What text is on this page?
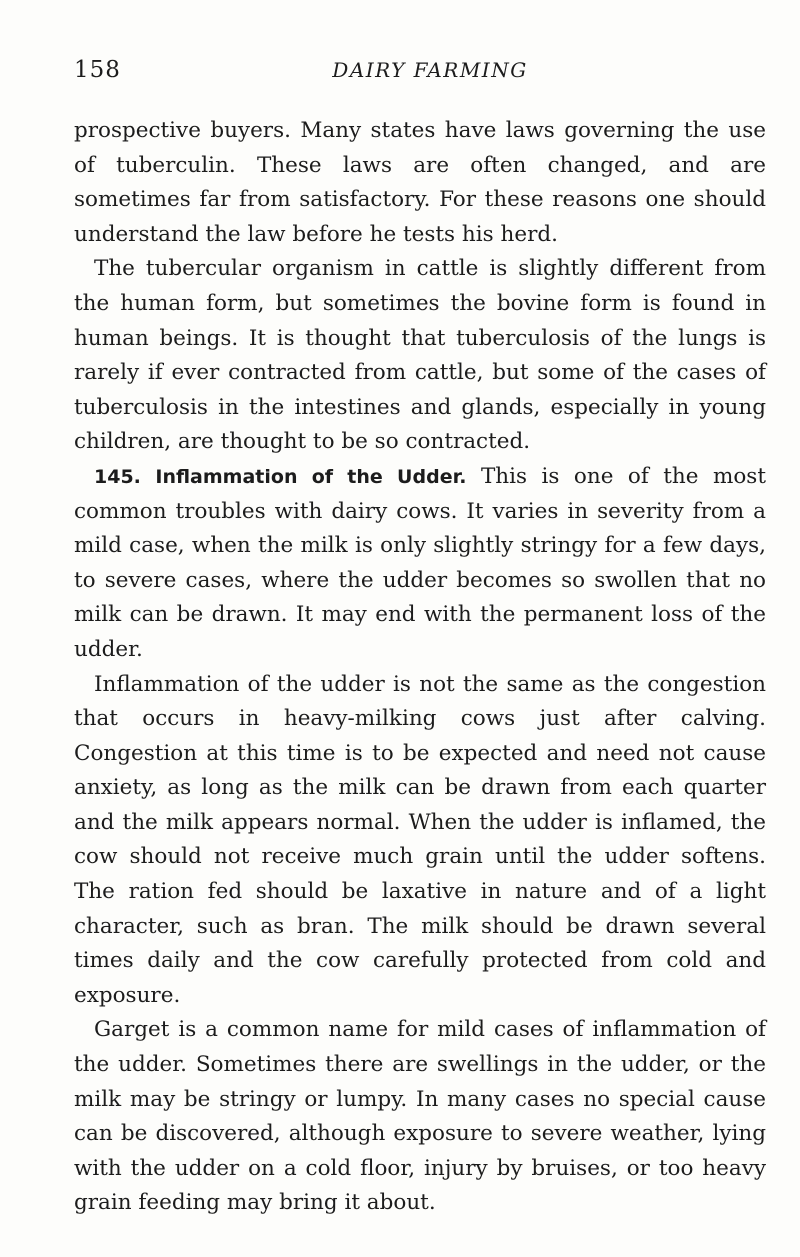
158	DAIRY FARMING

prospective buyers. Many states have laws governing the use of tuberculin. These laws are often changed, and are sometimes far from satisfactory. For these reasons one should understand the law before he tests his herd.

The tubercular organism in cattle is slightly different from the human form, but sometimes the bovine form is found in human beings. It is thought that tuberculosis of the lungs is rarely if ever contracted from cattle, but some of the cases of tuberculosis in the intestines and glands, especially in young children, are thought to be so contracted.

145. Inflammation of the Udder. This is one of the most common troubles with dairy cows. It varies in severity from a mild case, when the milk is only slightly stringy for a few days, to severe cases, where the udder becomes so swollen that no milk can be drawn. It may end with the permanent loss of the udder.

Inflammation of the udder is not the same as the congestion that occurs in heavy-milking cows just after calving. Congestion at this time is to be expected and need not cause anxiety, as long as the milk can be drawn from each quarter and the milk appears normal. When the udder is inflamed, the cow should not receive much grain until the udder softens. The ration fed should be laxative in nature and of a light character, such as bran. The milk should be drawn several times daily and the cow carefully protected from cold and exposure.

Garget is a common name for mild cases of inflammation of the udder. Sometimes there are swellings in the udder, or the milk may be stringy or lumpy. In many cases no special cause can be discovered, although exposure to severe weather, lying with the udder on a cold floor, injury by bruises, or too heavy grain feeding may bring it about.
